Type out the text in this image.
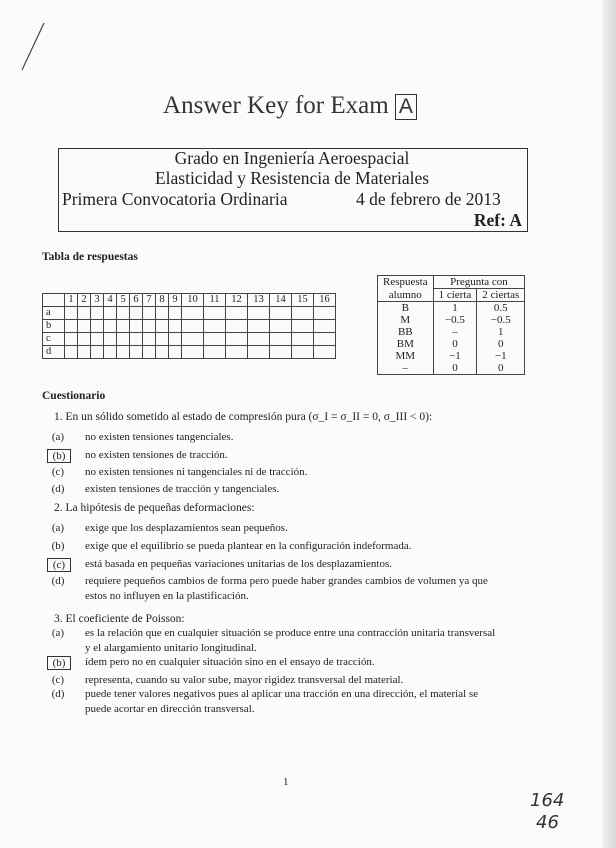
Answer Key for Exam A
Grado en Ingeniería Aeroespacial
Elasticidad y Resistencia de Materiales
Primera Convocatoria Ordinaria	4 de febrero de 2013
Ref: A
Tabla de respuestas
	1	2	3	4	5	6	7	8	9	10	11	12	13	14	15	16
a																
b																
c																
d																
Respuesta	Pregunta con	
alumno	1 cierta	2 ciertas
B	1	0.5
M	−0.5	−0.5
BB	–	1
BM	0	0
MM	−1	−1
–	0	0
Cuestionario
1. En un sólido sometido al estado de compresión pura (σ_I = σ_II = 0, σ_III < 0):
(a)	no existen tensiones tangenciales.
(b)	no existen tensiones de tracción.
(c)	no existen tensiones ni tangenciales ni de tracción.
(d)	existen tensiones de tracción y tangenciales.
2. La hipótesis de pequeñas deformaciones:
(a)	exige que los desplazamientos sean pequeños.
(b)	exige que el equilibrio se pueda plantear en la configuración indeformada.
(c)	está basada en pequeñas variaciones unitarias de los desplazamientos.
(d)	requiere pequeños cambios de forma pero puede haber grandes cambios de volumen ya que
estos no influyen en la plastificación.
3. El coeficiente de Poisson:
(a)	es la relación que en cualquier situación se produce entre una contracción unitaria transversal
y el alargamiento unitario longitudinal.
(b)	ídem pero no en cualquier situación sino en el ensayo de tracción.
(c)	representa, cuando su valor sube, mayor rigidez transversal del material.
(d)	puede tener valores negativos pues al aplicar una tracción en una dirección, el material se
puede acortar en dirección transversal.
1
164
46
